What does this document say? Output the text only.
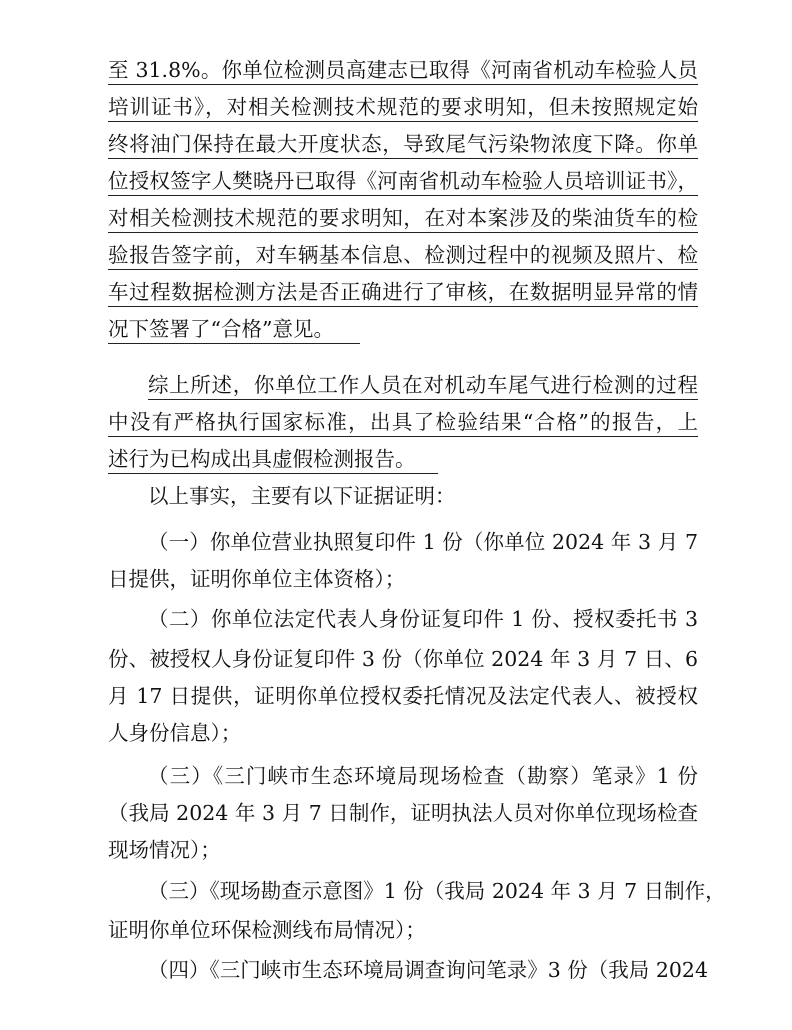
至 31.8%。你单位检测员高建志已取得《河南省机动车检验人员
培训证书》，对相关检测技术规范的要求明知，但未按照规定始
终将油门保持在最大开度状态，导致尾气污染物浓度下降。你单
位授权签字人樊晓丹已取得《河南省机动车检验人员培训证书》，
对相关检测技术规范的要求明知，在对本案涉及的柴油货车的检
验报告签字前，对车辆基本信息、检测过程中的视频及照片、检
车过程数据检测方法是否正确进行了审核，在数据明显异常的情
况下签署了“合格”意见。
综上所述，你单位工作人员在对机动车尾气进行检测的过程
中没有严格执行国家标准，出具了检验结果“合格”的报告，上
述行为已构成出具虚假检测报告。
以上事实，主要有以下证据证明：
（一）你单位营业执照复印件 1 份（你单位 2024 年 3 月 7
日提供，证明你单位主体资格）；
（二）你单位法定代表人身份证复印件 1 份、授权委托书 3
份、被授权人身份证复印件 3 份（你单位 2024 年 3 月 7 日、6
月 17 日提供，证明你单位授权委托情况及法定代表人、被授权
人身份信息）；
（三）《三门峡市生态环境局现场检查（勘察）笔录》1 份
（我局 2024 年 3 月 7 日制作，证明执法人员对你单位现场检查
现场情况）；
（三）《现场勘查示意图》1 份（我局 2024 年 3 月 7 日制作，
证明你单位环保检测线布局情况）；
（四）《三门峡市生态环境局调查询问笔录》3 份（我局 2024
